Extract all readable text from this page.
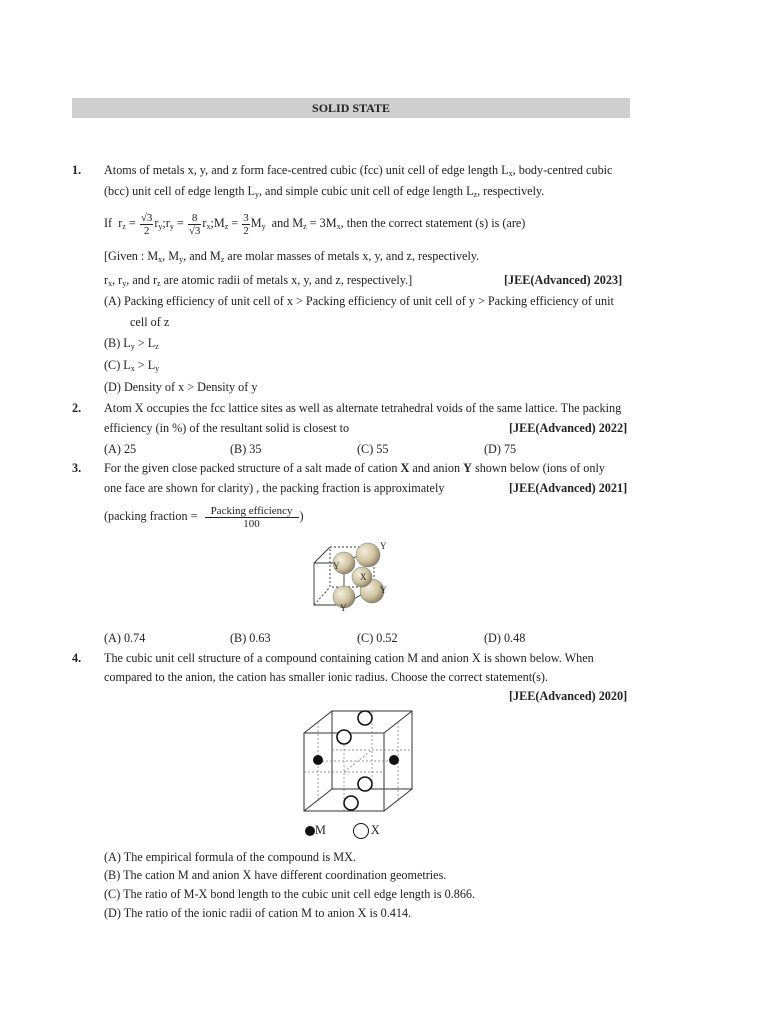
SOLID STATE
1. Atoms of metals x, y, and z form face-centred cubic (fcc) unit cell of edge length $L_x$, body-centred cubic
(bcc) unit cell of edge length $L_y$, and simple cubic unit cell of edge length $L_z$, respectively.
If  $r_z = \frac{√3}{2}$ $r_y;r_y = \frac{8}{√3}$ $r_x;M_z = \frac{3}{2} M_y$ and $M_z = 3M_x$, then the correct statement (s) is (are)
[Given : $M_x$, $M_y$, and $M_z$ are molar masses of metals x, y, and z, respectively.
$r_x$, $r_y$, and $r_z$ are atomic radii of metals x, y, and z, respectively.]	[JEE(Advanced) 2023]
(A) Packing efficiency of unit cell of x > Packing efficiency of unit cell of y > Packing efficiency of unit
cell of z
(B) $L_y > L_z$
(C) $L_x > L_y$
(D) Density of x > Density of y
2. Atom X occupies the fcc lattice sites as well as alternate tetrahedral voids of the same lattice. The packing
efficiency (in %) of the resultant solid is closest to	[JEE(Advanced) 2022]
(A) 25	(B) 35	(C) 55	(D) 75
3. For the given close packed structure of a salt made of cation X and anion Y shown below (ions of only
one face are shown for clarity) , the packing fraction is approximately	[JEE(Advanced) 2021]
(packing fraction = $\frac{\text{Packing efficiency}}{100}$ )
Y
Y
X
Y
Y
(A) 0.74	(B) 0.63	(C) 0.52	(D) 0.48
4. The cubic unit cell structure of a compound containing cation M and anion X is shown below. When
compared to the anion, the cation has smaller ionic radius. Choose the correct statement(s).
[JEE(Advanced) 2020]
M	X
(A) The empirical formula of the compound is MX.
(B) The cation M and anion X have different coordination geometries.
(C) The ratio of M-X bond length to the cubic unit cell edge length is 0.866.
(D) The ratio of the ionic radii of cation M to anion X is 0.414.
